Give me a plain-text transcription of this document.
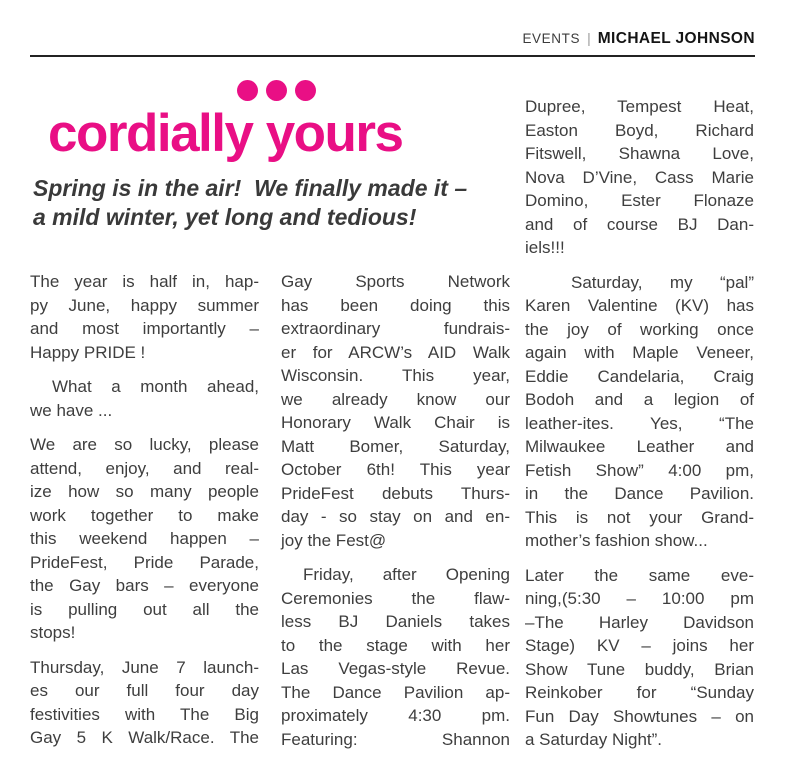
EVENTS | MICHAEL JOHNSON
cordially yours
Spring is in the air!  We finally made it –
a mild winter, yet long and tedious!
The year is half in, hap-
py June, happy summer
and most importantly –
Happy PRIDE !
What a month ahead,
we have ...
We are so lucky, please
attend, enjoy, and real-
ize how so many people
work together to make
this weekend happen –
PrideFest, Pride Parade,
the Gay bars – everyone
is pulling out all the
stops!
Thursday, June 7 launch-
es our full four day
festivities with The Big
Gay 5 K Walk/Race. The
Gay Sports Network
has been doing this
extraordinary fundrais-
er for ARCW’s AID Walk
Wisconsin. This year,
we already know our
Honorary Walk Chair is
Matt Bomer, Saturday,
October 6th! This year
PrideFest debuts Thurs-
day - so stay on and en-
joy the Fest@
Friday, after Opening
Ceremonies the flaw-
less BJ Daniels takes
to the stage with her
Las Vegas-style Revue.
The Dance Pavilion ap-
proximately 4:30 pm.
Featuring: Shannon
Dupree, Tempest Heat,
Easton Boyd, Richard
Fitswell, Shawna Love,
Nova D’Vine, Cass Marie
Domino, Ester Flonaze
and of course BJ Dan-
iels!!!
Saturday, my “pal”
Karen Valentine (KV) has
the joy of working once
again with Maple Veneer,
Eddie Candelaria, Craig
Bodoh and a legion of
leather-ites. Yes, “The
Milwaukee Leather and
Fetish Show” 4:00 pm,
in the Dance Pavilion.
This is not your Grand-
mother’s fashion show...
Later the same eve-
ning,(5:30 – 10:00 pm
–The Harley Davidson
Stage) KV – joins her
Show Tune buddy, Brian
Reinkober for “Sunday
Fun Day Showtunes – on
a Saturday Night”.
